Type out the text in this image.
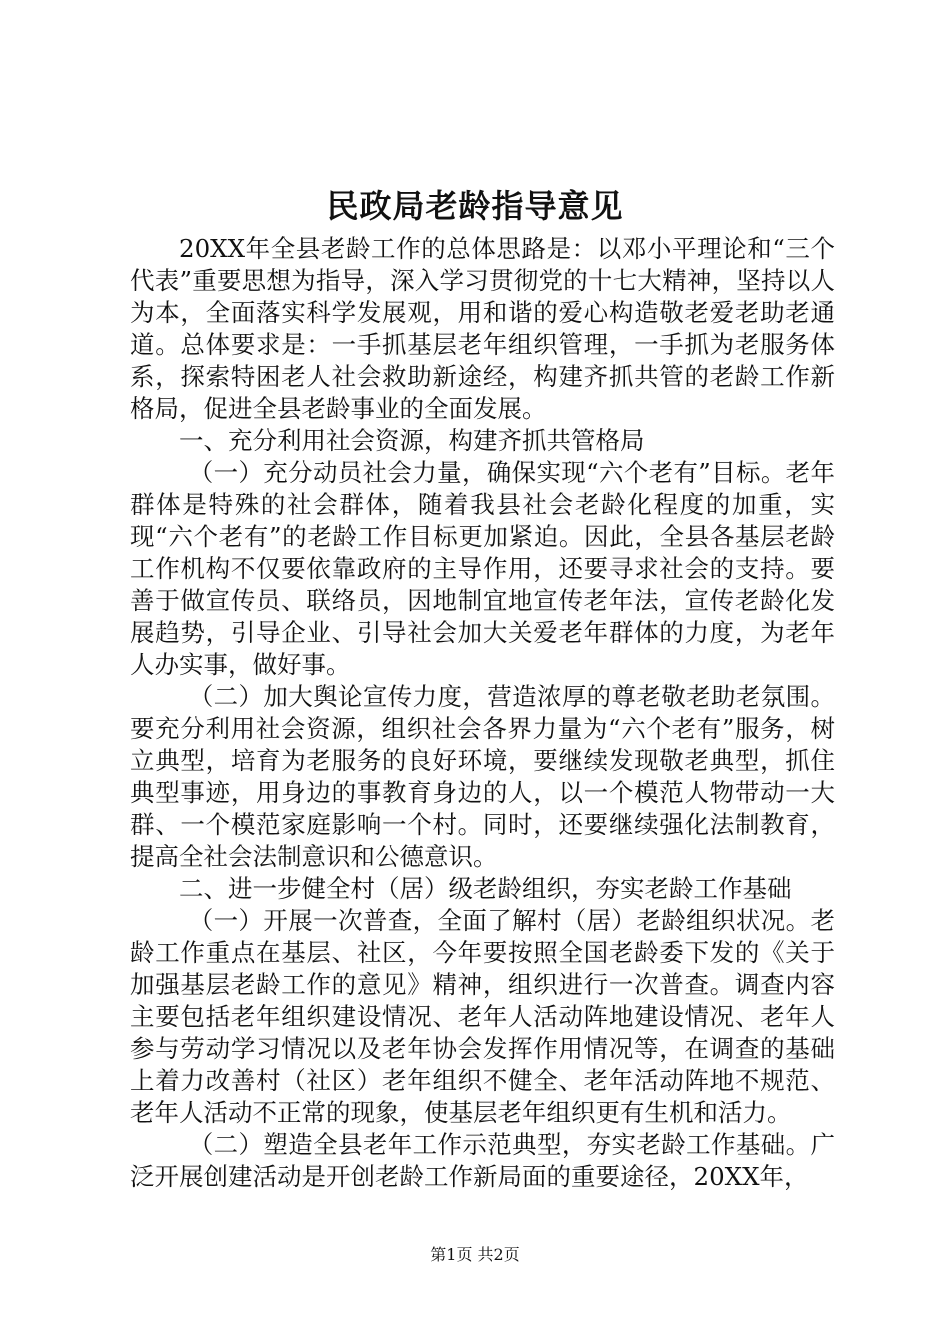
民政局老龄指导意见

20XX年全县老龄工作的总体思路是：以邓小平理论和“三个代表”重要思想为指导，深入学习贯彻党的十七大精神，坚持以人为本，全面落实科学发展观，用和谐的爱心构造敬老爱老助老通道。总体要求是：一手抓基层老年组织管理，一手抓为老服务体系，探索特困老人社会救助新途经，构建齐抓共管的老龄工作新格局，促进全县老龄事业的全面发展。

一、充分利用社会资源，构建齐抓共管格局

（一）充分动员社会力量，确保实现“六个老有”目标。老年群体是特殊的社会群体，随着我县社会老龄化程度的加重，实现“六个老有”的老龄工作目标更加紧迫。因此，全县各基层老龄工作机构不仅要依靠政府的主导作用，还要寻求社会的支持。要善于做宣传员、联络员，因地制宜地宣传老年法，宣传老龄化发展趋势，引导企业、引导社会加大关爱老年群体的力度，为老年人办实事，做好事。

（二）加大舆论宣传力度，营造浓厚的尊老敬老助老氛围。要充分利用社会资源，组织社会各界力量为“六个老有”服务，树立典型，培育为老服务的良好环境，要继续发现敬老典型，抓住典型事迹，用身边的事教育身边的人，以一个模范人物带动一大群、一个模范家庭影响一个村。同时，还要继续强化法制教育，提高全社会法制意识和公德意识。

二、进一步健全村（居）级老龄组织，夯实老龄工作基础

（一）开展一次普查，全面了解村（居）老龄组织状况。老龄工作重点在基层、社区，今年要按照全国老龄委下发的《关于加强基层老龄工作的意见》精神，组织进行一次普查。调查内容主要包括老年组织建设情况、老年人活动阵地建设情况、老年人参与劳动学习情况以及老年协会发挥作用情况等，在调查的基础上着力改善村（社区）老年组织不健全、老年活动阵地不规范、老年人活动不正常的现象，使基层老年组织更有生机和活力。

（二）塑造全县老年工作示范典型，夯实老龄工作基础。广泛开展创建活动是开创老龄工作新局面的重要途径，20XX年，

第1页 共2页
